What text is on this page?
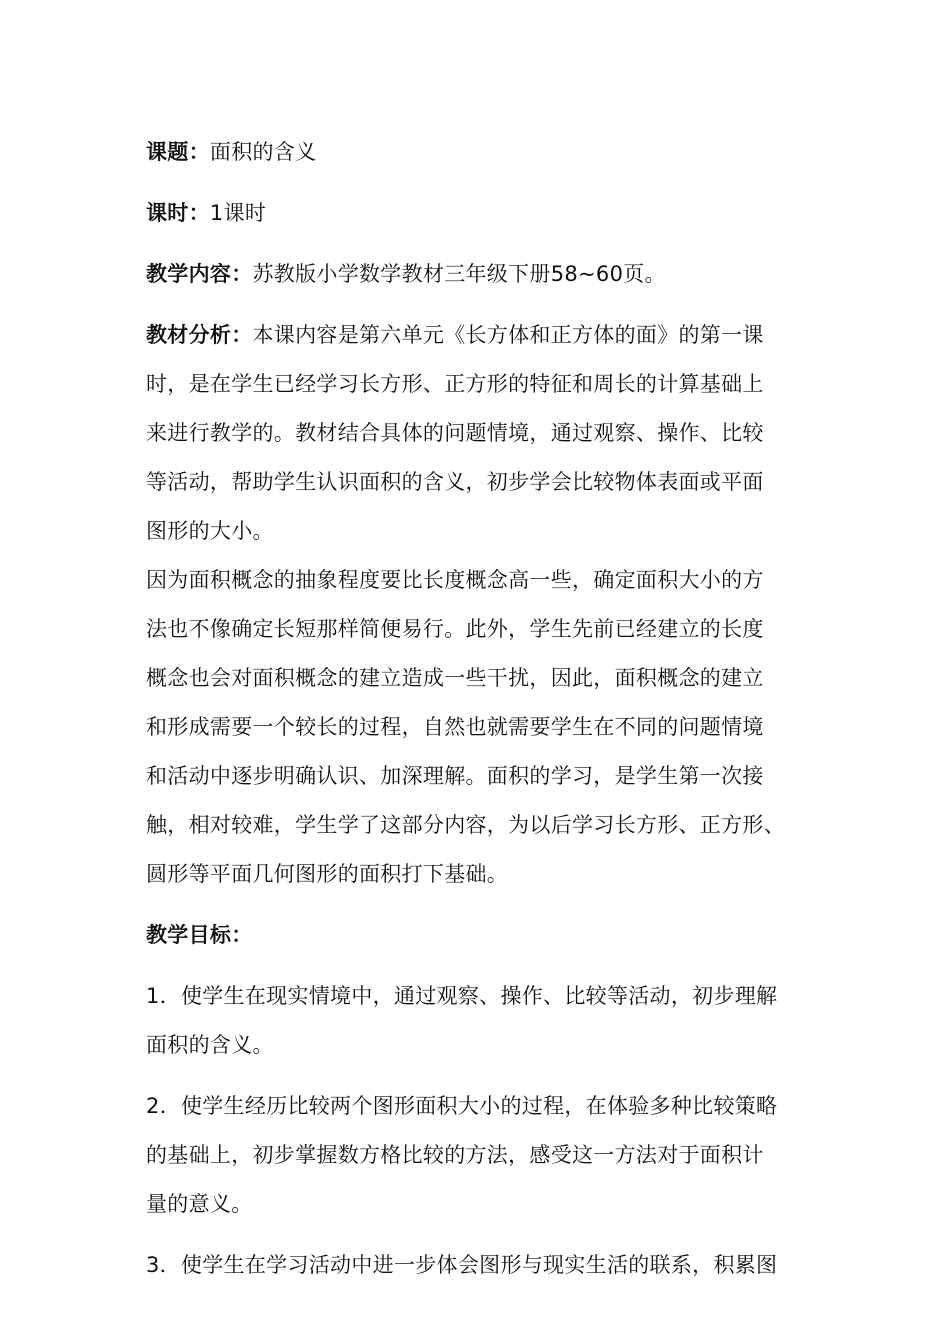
课题：面积的含义
课时：1课时
教学内容：苏教版小学数学教材三年级下册58~60页。
教材分析：本课内容是第六单元《长方体和正方体的面》的第一课
时，是在学生已经学习长方形、正方形的特征和周长的计算基础上
来进行教学的。教材结合具体的问题情境，通过观察、操作、比较
等活动，帮助学生认识面积的含义，初步学会比较物体表面或平面
图形的大小。
因为面积概念的抽象程度要比长度概念高一些，确定面积大小的方
法也不像确定长短那样简便易行。此外，学生先前已经建立的长度
概念也会对面积概念的建立造成一些干扰，因此，面积概念的建立
和形成需要一个较长的过程，自然也就需要学生在不同的问题情境
和活动中逐步明确认识、加深理解。面积的学习，是学生第一次接
触，相对较难，学生学了这部分内容，为以后学习长方形、正方形、
圆形等平面几何图形的面积打下基础。
教学目标：
1．使学生在现实情境中，通过观察、操作、比较等活动，初步理解
面积的含义。
2．使学生经历比较两个图形面积大小的过程，在体验多种比较策略
的基础上，初步掌握数方格比较的方法，感受这一方法对于面积计
量的意义。
3．使学生在学习活动中进一步体会图形与现实生活的联系，积累图
